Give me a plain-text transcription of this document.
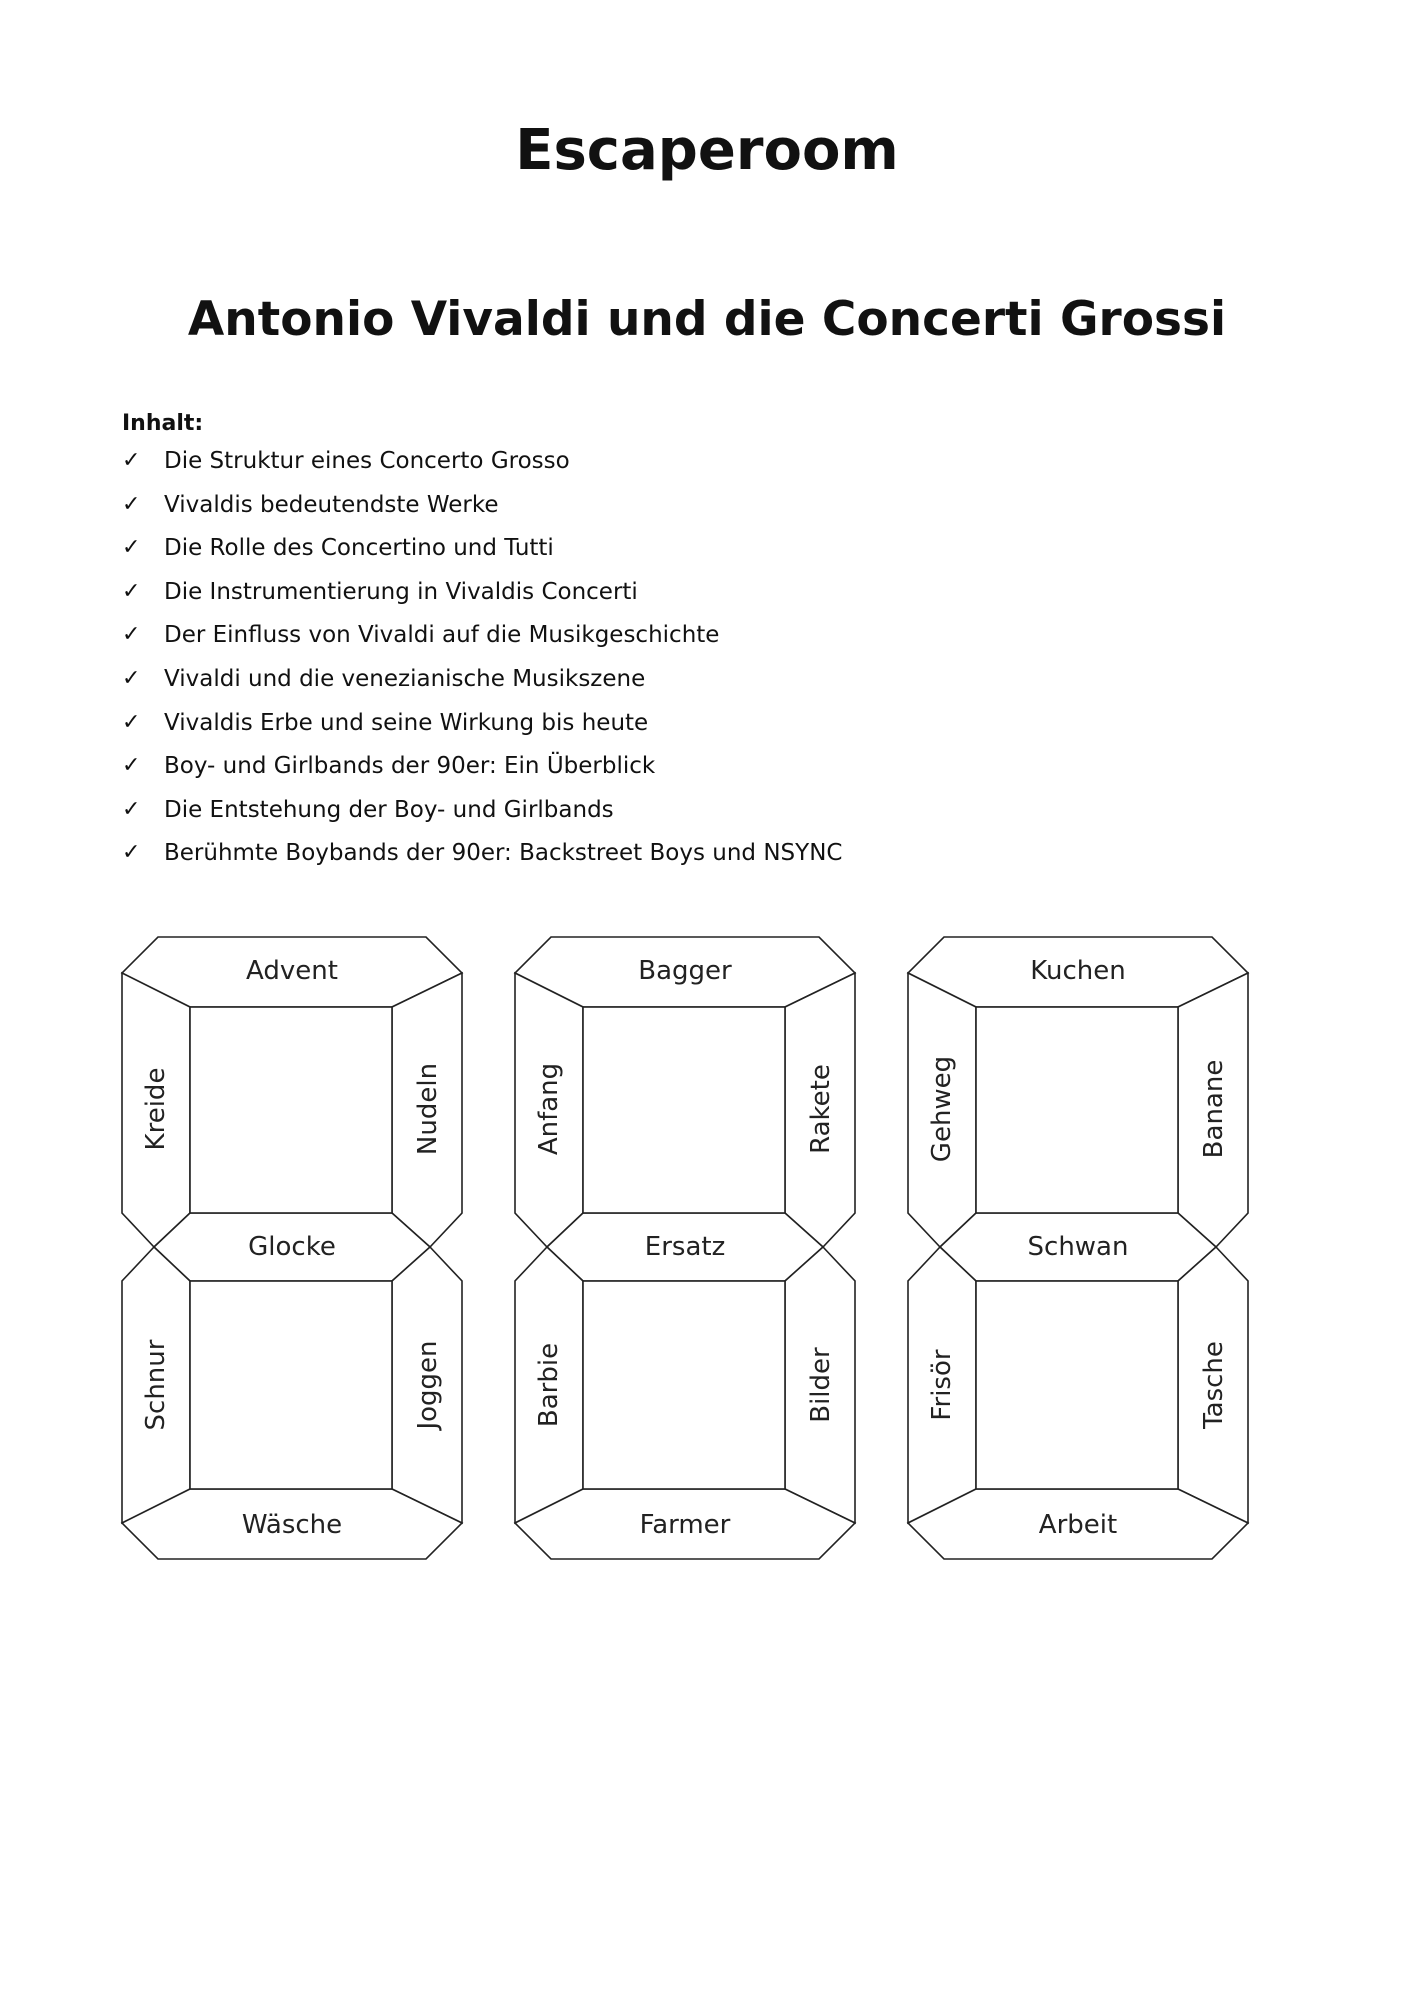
Escaperoom
Antonio Vivaldi und die Concerti Grossi
Inhalt:
✓	Die Struktur eines Concerto Grosso
✓	Vivaldis bedeutendste Werke
✓	Die Rolle des Concertino und Tutti
✓	Die Instrumentierung in Vivaldis Concerti
✓	Der Einfluss von Vivaldi auf die Musikgeschichte
✓	Vivaldi und die venezianische Musikszene
✓	Vivaldis Erbe und seine Wirkung bis heute
✓	Boy- und Girlbands der 90er: Ein Überblick
✓	Die Entstehung der Boy- und Girlbands
✓	Berühmte Boybands der 90er: Backstreet Boys und NSYNC
Advent
Kreide	Nudeln
Glocke
Schnur	Joggen
Wäsche
Bagger
Anfang	Rakete
Ersatz
Barbie	Bilder
Farmer
Kuchen
Gehweg	Banane
Schwan
Frisör	Tasche
Arbeit
